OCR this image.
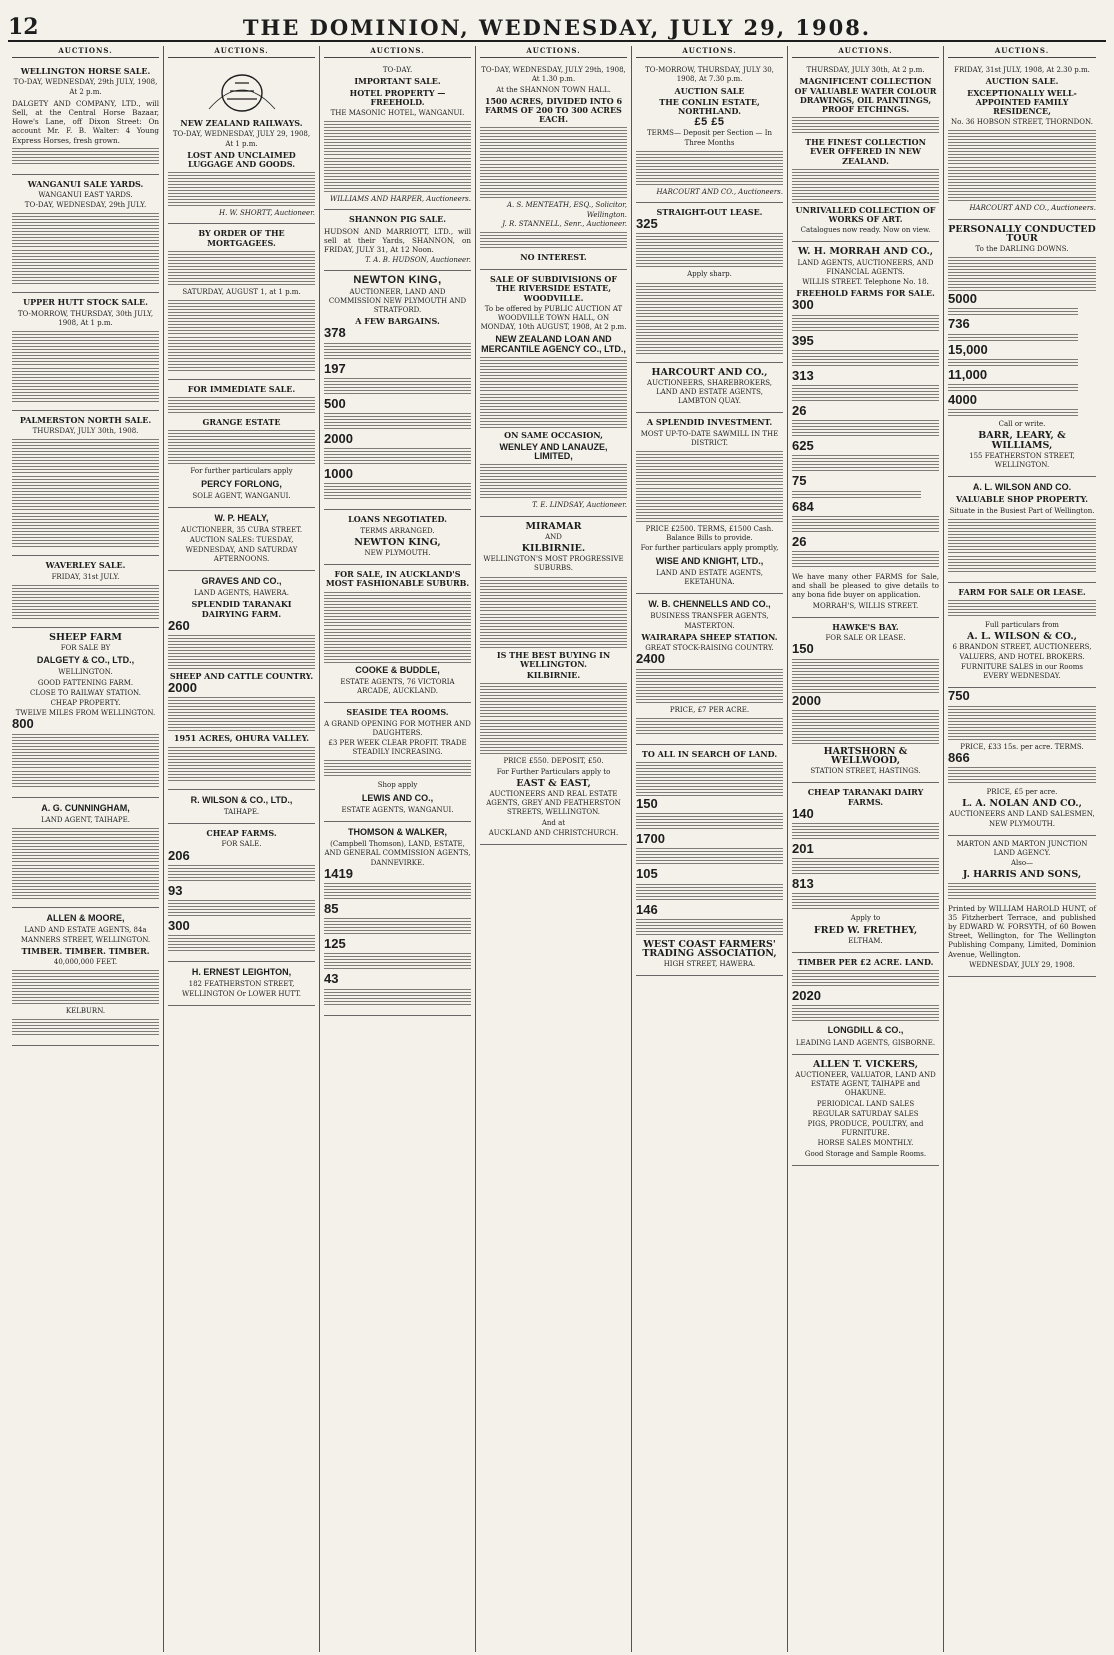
12	THE DOMINION, WEDNESDAY, JULY 29, 1908.
AUCTIONS.
WELLINGTON HORSE SALE.
TO-DAY, WEDNESDAY, 29th JULY, 1908, At 2 p.m.

DALGETY AND COMPANY, LTD., will Sell, at the Central Horse Bazaar, Howe's Lane, off Dixon Street: On account Mr. F. B. Walter: 4 Young Express Horses, fresh grown.

WANGANUI SALE YARDS.
WANGANUI EAST YARDS.
TO-DAY, WEDNESDAY, 29th JULY.
UPPER HUTT STOCK SALE.
TO-MORROW, THURSDAY, 30th JULY, 1908, At 1 p.m.
PALMERSTON NORTH SALE.
THURSDAY, JULY 30th, 1908.
WAVERLEY SALE.
FRIDAY, 31st JULY.
SHEEP FARM
FOR SALE BY
DALGETY & CO., LTD.,
WELLINGTON.
GOOD FATTENING FARM.
CLOSE TO RAILWAY STATION.
CHEAP PROPERTY.
TWELVE MILES FROM WELLINGTON.
800
A. G. CUNNINGHAM,
LAND AGENT, TAIHAPE.
ALLEN & MOORE,
LAND AND ESTATE AGENTS, 84a MANNERS STREET, WELLINGTON.
TIMBER. TIMBER. TIMBER.
40,000,000 FEET.
KELBURN.
AUCTIONS.
NEW ZEALAND RAILWAYS.
TO-DAY, WEDNESDAY, JULY 29, 1908, At 1 p.m.
LOST AND UNCLAIMED LUGGAGE AND GOODS.
H. W. SHORTT, Auctioneer.
BY ORDER OF THE MORTGAGEES.
SATURDAY, AUGUST 1, at 1 p.m.
FOR IMMEDIATE SALE.
GRANGE ESTATE
For further particulars apply
PERCY FORLONG,
SOLE AGENT, WANGANUI.
W. P. HEALY,
AUCTIONEER, 35 CUBA STREET.
AUCTION SALES: TUESDAY, WEDNESDAY, AND SATURDAY AFTERNOONS.
GRAVES AND CO.,
LAND AGENTS, HAWERA.
SPLENDID TARANAKI DAIRYING FARM.
260
SHEEP AND CATTLE COUNTRY.
2000
1951 ACRES, OHURA VALLEY.
R. WILSON & CO., LTD.,
TAIHAPE.
CHEAP FARMS.
FOR SALE.
206
93
300
H. ERNEST LEIGHTON,
182 FEATHERSTON STREET, WELLINGTON Or LOWER HUTT.
AUCTIONS.
TO-DAY.
IMPORTANT SALE.
HOTEL PROPERTY — FREEHOLD.
THE MASONIC HOTEL, WANGANUI.
WILLIAMS AND HARPER, Auctioneers.
SHANNON PIG SALE.

HUDSON AND MARRIOTT, LTD., will sell at their Yards, SHANNON, on FRIDAY, JULY 31, At 12 Noon.

T. A. B. HUDSON, Auctioneer.
NEWTON KING,
AUCTIONEER, LAND AND COMMISSION NEW PLYMOUTH AND STRATFORD.
A FEW BARGAINS.
378
197
500
2000
1000
LOANS NEGOTIATED.
TERMS ARRANGED.
NEWTON KING,
NEW PLYMOUTH.
FOR SALE, IN AUCKLAND'S MOST FASHIONABLE SUBURB.
COOKE & BUDDLE,
ESTATE AGENTS, 76 VICTORIA ARCADE, AUCKLAND.
SEASIDE TEA ROOMS.
A GRAND OPENING FOR MOTHER AND DAUGHTERS.
£3 PER WEEK CLEAR PROFIT. TRADE STEADILY INCREASING.
Shop apply
LEWIS AND CO.,
ESTATE AGENTS, WANGANUI.
THOMSON & WALKER,
(Campbell Thomson), LAND, ESTATE, AND GENERAL COMMISSION AGENTS, DANNEVIRKE.
1419
85
125
43
AUCTIONS.
TO-DAY, WEDNESDAY, JULY 29th, 1908, At 1.30 p.m.
At the SHANNON TOWN HALL.
1500 ACRES, DIVIDED INTO 6 FARMS OF 200 TO 300 ACRES EACH.
A. S. MENTEATH, ESQ., Solicitor, Wellington.
J. R. STANNELL, Senr., Auctioneer.
NO INTEREST.
SALE OF SUBDIVISIONS OF THE RIVERSIDE ESTATE, WOODVILLE.
To be offered by PUBLIC AUCTION AT WOODVILLE TOWN HALL, ON MONDAY, 10th AUGUST, 1908, At 2 p.m.
NEW ZEALAND LOAN AND MERCANTILE AGENCY CO., LTD.,
ON SAME OCCASION,
WENLEY AND LANAUZE, LIMITED,
T. E. LINDSAY, Auctioneer.
MIRAMAR
AND
KILBIRNIE.
WELLINGTON'S MOST PROGRESSIVE SUBURBS.
IS THE BEST BUYING IN WELLINGTON.
KILBIRNIE.
PRICE £550. DEPOSIT, £50.
For Further Particulars apply to
EAST & EAST,
AUCTIONEERS AND REAL ESTATE AGENTS, GREY AND FEATHERSTON STREETS, WELLINGTON.
And at
AUCKLAND AND CHRISTCHURCH.
AUCTIONS.
TO-MORROW, THURSDAY, JULY 30, 1908, At 7.30 p.m.
AUCTION SALE
THE CONLIN ESTATE, NORTHLAND.
£5 £5
TERMS— Deposit per Section — In Three Months
HARCOURT AND CO., Auctioneers.
STRAIGHT-OUT LEASE.
325
Apply sharp.
HARCOURT AND CO.,
AUCTIONEERS, SHAREBROKERS, LAND AND ESTATE AGENTS, LAMBTON QUAY.
A SPLENDID INVESTMENT.
MOST UP-TO-DATE SAWMILL IN THE DISTRICT.
PRICE £2500. TERMS, £1500 Cash. Balance Bills to provide.
For further particulars apply promptly,
WISE AND KNIGHT, LTD.,
LAND AND ESTATE AGENTS, EKETAHUNA.
W. B. CHENNELLS AND CO.,
BUSINESS TRANSFER AGENTS, MASTERTON.
WAIRARAPA SHEEP STATION.
GREAT STOCK-RAISING COUNTRY.
2400
PRICE, £7 PER ACRE.
TO ALL IN SEARCH OF LAND.
150
1700
105
146
WEST COAST FARMERS' TRADING ASSOCIATION,
HIGH STREET, HAWERA.
AUCTIONS.
THURSDAY, JULY 30th, At 2 p.m.
MAGNIFICENT COLLECTION OF VALUABLE WATER COLOUR DRAWINGS, OIL PAINTINGS, PROOF ETCHINGS.
THE FINEST COLLECTION EVER OFFERED IN NEW ZEALAND.
UNRIVALLED COLLECTION OF WORKS OF ART.
Catalogues now ready. Now on view.
W. H. MORRAH AND CO.,
LAND AGENTS, AUCTIONEERS, AND FINANCIAL AGENTS.
WILLIS STREET. Telephone No. 18.
FREEHOLD FARMS FOR SALE.
300
395
313
26
625
75
684
26

We have many other FARMS for Sale, and shall be pleased to give details to any bona fide buyer on application.

MORRAH'S, WILLIS STREET.
HAWKE'S BAY.
FOR SALE OR LEASE.
150
2000
HARTSHORN & WELLWOOD,
STATION STREET, HASTINGS.
CHEAP TARANAKI DAIRY FARMS.
140
201
813
Apply to
FRED W. FRETHEY,
ELTHAM.
TIMBER PER £2 ACRE. LAND.
2020
LONGDILL & CO.,
LEADING LAND AGENTS, GISBORNE.
ALLEN T. VICKERS,
AUCTIONEER, VALUATOR, LAND AND ESTATE AGENT, TAIHAPE and OHAKUNE.
PERIODICAL LAND SALES
REGULAR SATURDAY SALES
PIGS, PRODUCE, POULTRY, and FURNITURE.
HORSE SALES MONTHLY.
Good Storage and Sample Rooms.
AUCTIONS.
FRIDAY, 31st JULY, 1908, At 2.30 p.m.
AUCTION SALE.
EXCEPTIONALLY WELL-APPOINTED FAMILY RESIDENCE,
No. 36 HOBSON STREET, THORNDON.
HARCOURT AND CO., Auctioneers.
PERSONALLY CONDUCTED TOUR
To the DARLING DOWNS.
5000
736
15,000
11,000
4000
Call or write.
BARR, LEARY, & WILLIAMS,
155 FEATHERSTON STREET, WELLINGTON.
A. L. WILSON AND CO.
VALUABLE SHOP PROPERTY.
Situate in the Busiest Part of Wellington.
FARM FOR SALE OR LEASE.
Full particulars from
A. L. WILSON & CO.,
6 BRANDON STREET, AUCTIONEERS, VALUERS, AND HOTEL BROKERS.
FURNITURE SALES in our Rooms EVERY WEDNESDAY.
750
PRICE, £33 15s. per acre. TERMS.
866
PRICE, £5 per acre.
L. A. NOLAN AND CO.,
AUCTIONEERS AND LAND SALESMEN, NEW PLYMOUTH.
MARTON AND MARTON JUNCTION LAND AGENCY.
Also—
J. HARRIS AND SONS,

Printed by WILLIAM HAROLD HUNT, of 35 Fitzherbert Terrace, and published by EDWARD W. FORSYTH, of 60 Bowen Street, Wellington, for The Wellington Publishing Company, Limited, Dominion Avenue, Wellington.

WEDNESDAY, JULY 29, 1908.
